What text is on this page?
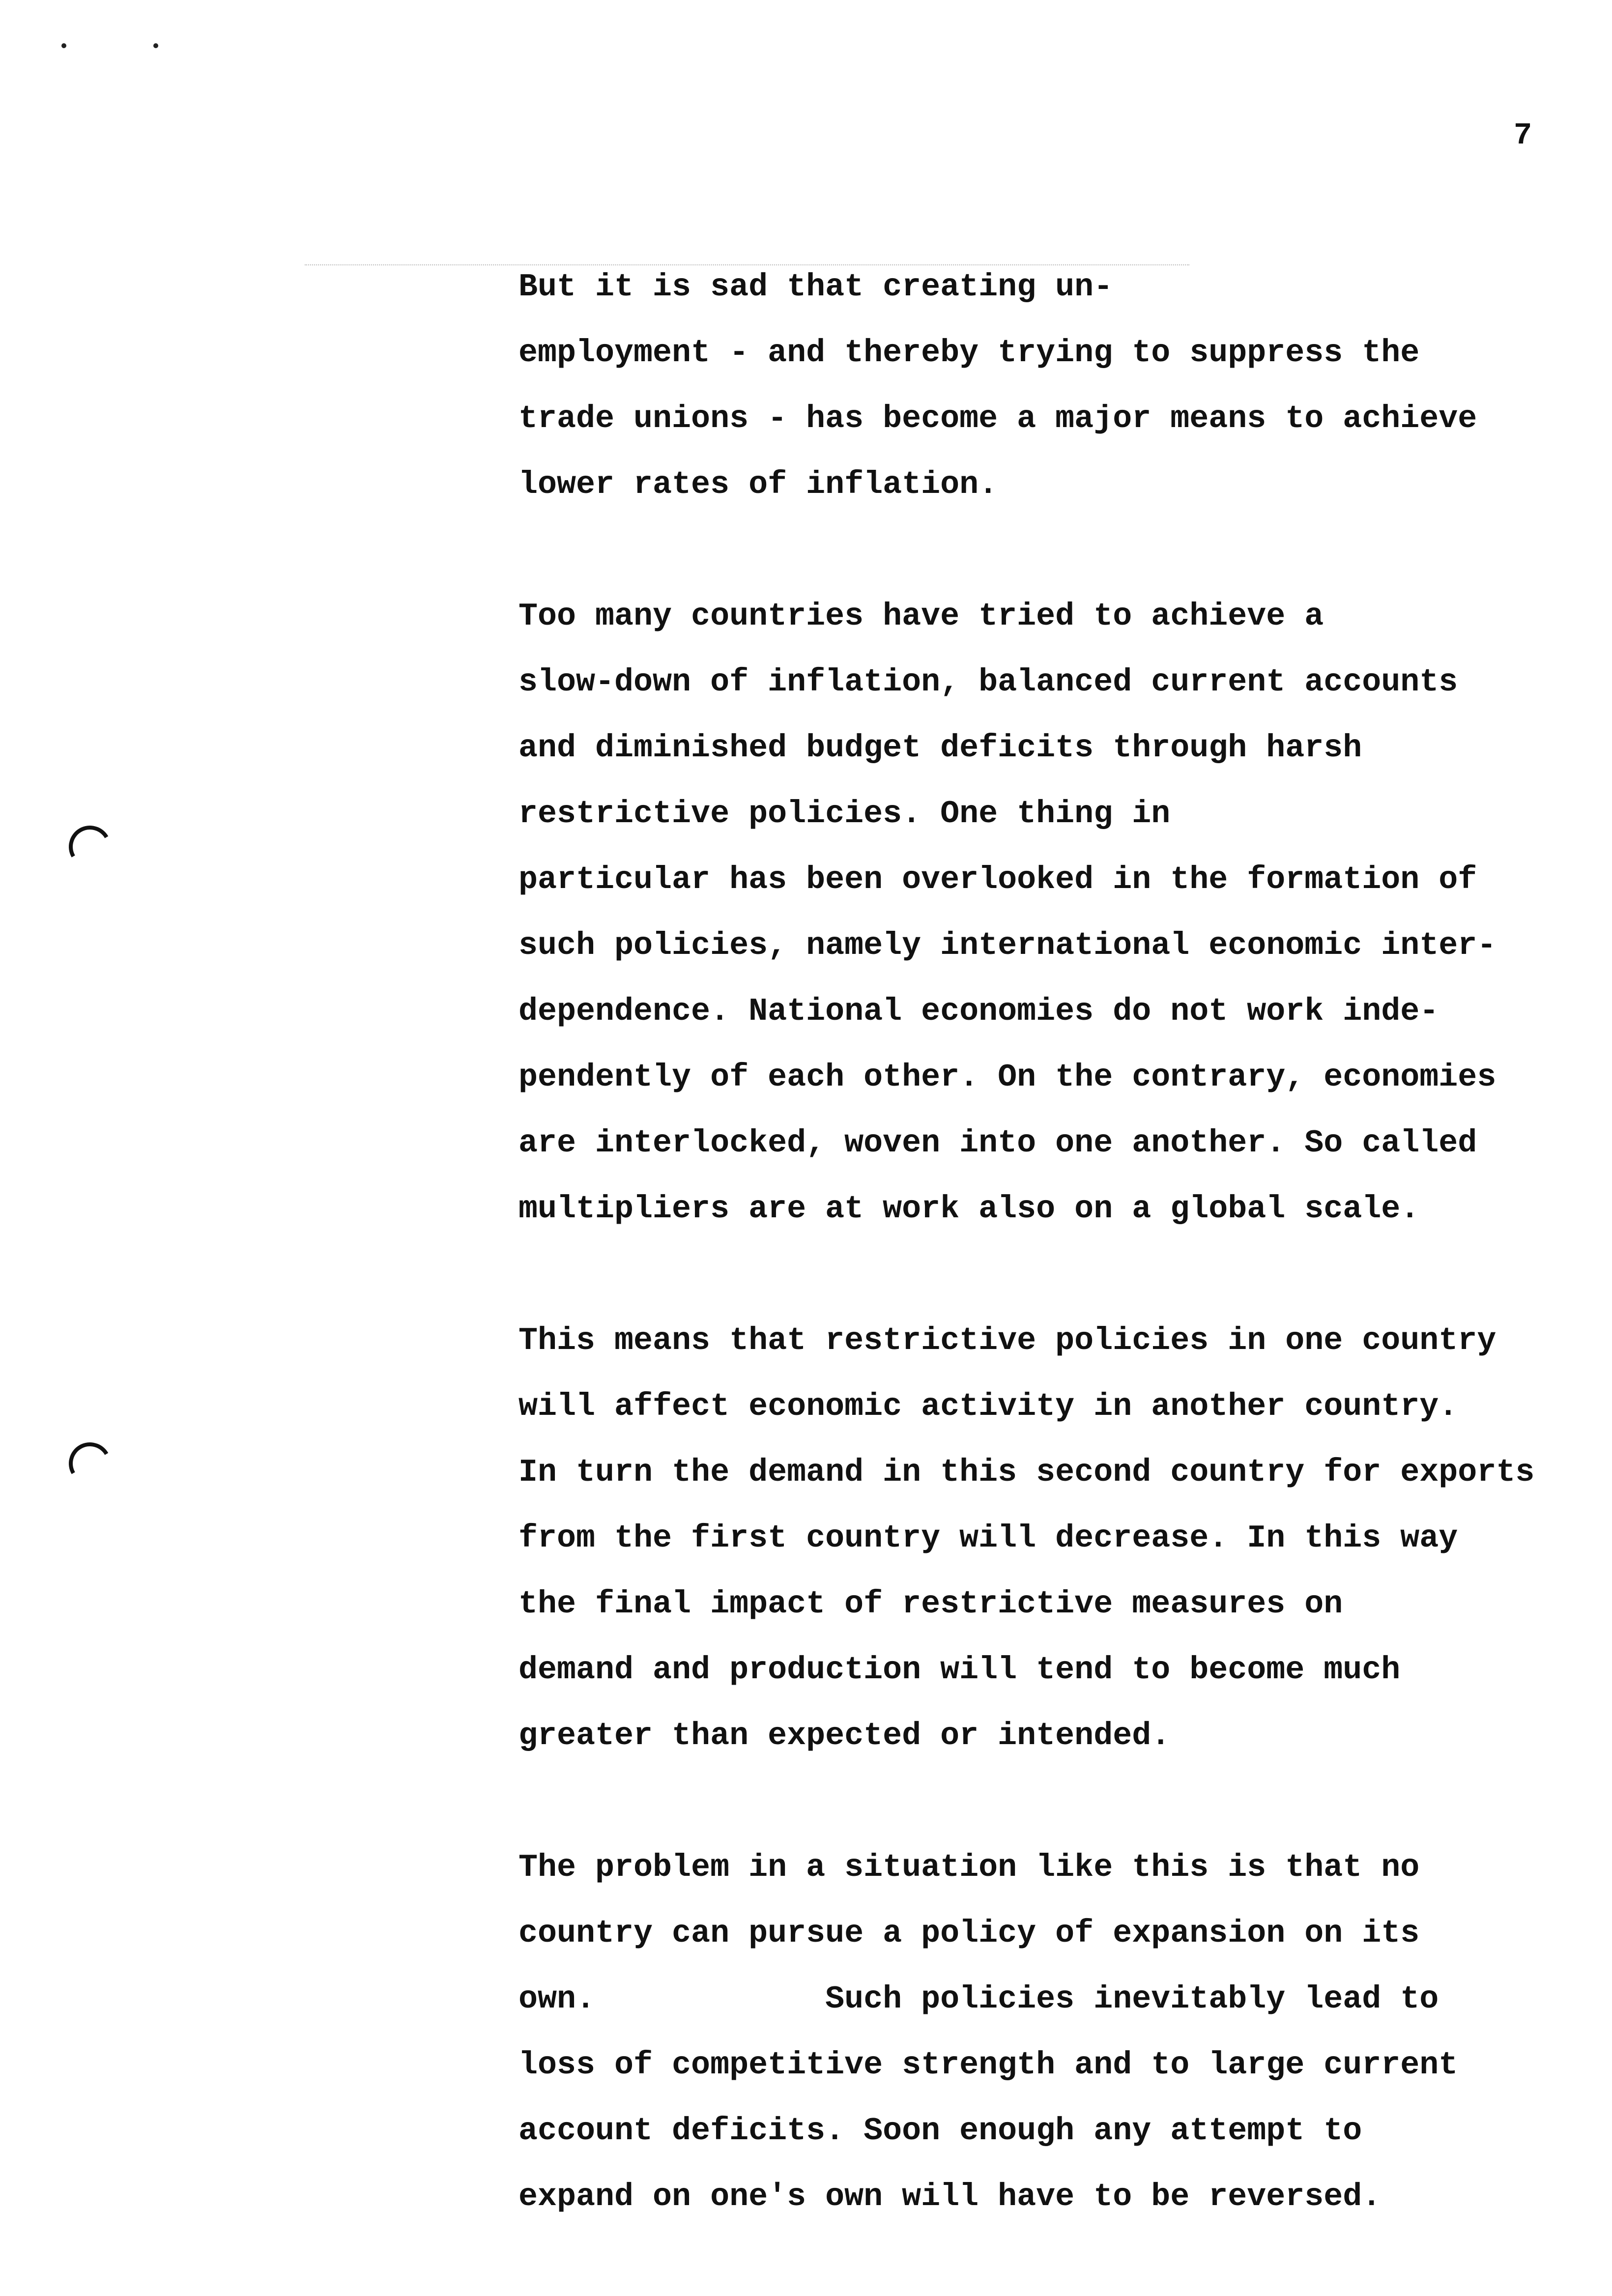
7
But it is sad that creating un-
employment - and thereby trying to suppress the
trade unions - has become a major means to achieve
lower rates of inflation.
Too many countries have tried to achieve a
slow-down of inflation, balanced current accounts
and diminished budget deficits through harsh
restrictive policies. One thing in
particular has been overlooked in the formation of
such policies, namely international economic inter-
dependence. National economies do not work inde-
pendently of each other. On the contrary, economies
are interlocked, woven into one another. So called
multipliers are at work also on a global scale.
This means that restrictive policies in one country
will affect economic activity in another country.
In turn the demand in this second country for exports
from the first country will decrease. In this way
the final impact of restrictive measures on
demand and production will tend to become much
greater than expected or intended.
The problem in a situation like this is that no
country can pursue a policy of expansion on its
own.            Such policies inevitably lead to
loss of competitive strength and to large current
account deficits. Soon enough any attempt to
expand on one's own will have to be reversed.
